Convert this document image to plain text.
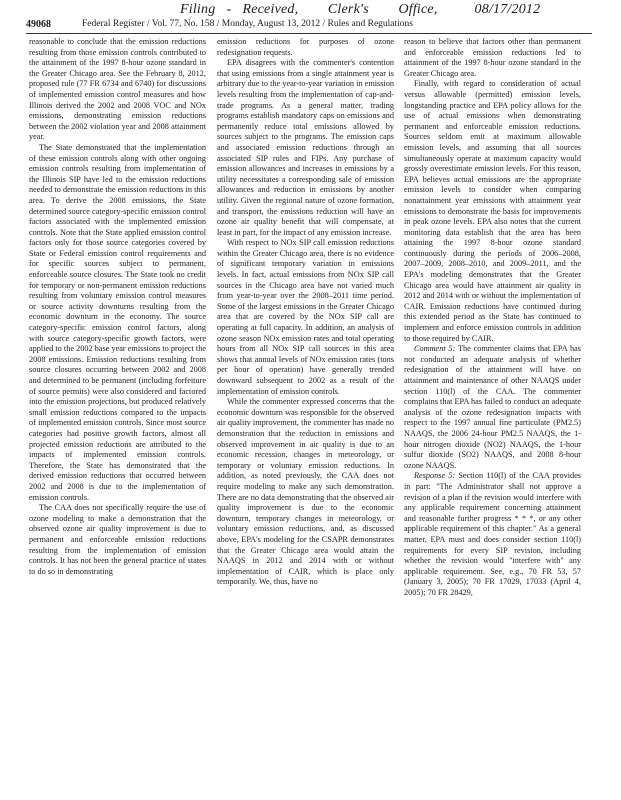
Filing   -   Received,        Clerk's        Office,          08/17/2012
49068	Federal Register / Vol. 77, No. 158 / Monday, August 13, 2012 / Rules and Regulations

reasonable to conclude that the emission reductions resulting from those emission controls contributed to the attainment of the 1997 8-hour ozone standard in the Greater Chicago area. See the February 8, 2012, proposed rule (77 FR 6734 and 6740) for discussions of implemented emission control measures and how Illinois derived the 2002 and 2008 VOC and NOx emissions, demonstrating emission reductions between the 2002 violation year and 2008 attainment year.

The State demonstrated that the implementation of these emission controls along with other ongoing emission controls resulting from implementation of the Illinois SIP have led to the emission reductions needed to demonstrate the emission reductions in this area. To derive the 2008 emissions, the State determined source category-specific emission control factors associated with the implemented emission controls. Note that the State applied emission control factors only for those source categories covered by State or Federal emission control requirements and for specific sources subject to permanent, enforceable source closures. The State took no credit for temporary or non-permanent emission reductions resulting from voluntary emission control measures or source activity downturns resulting from the economic downturn in the economy. The source category-specific emission control factors, along with source category-specific growth factors, were applied to the 2002 base year emissions to project the 2008 emissions. Emission reductions resulting from source closures occurring between 2002 and 2008 and determined to be permanent (including forfeiture of source permits) were also considered and factored into the emission projections, but produced relatively small emission reductions compared to the impacts of implemented emission controls. Since most source categories had positive growth factors, almost all projected emission reductions are attributed to the impacts of implemented emission controls. Therefore, the State has demonstrated that the derived emission reductions that occurred between 2002 and 2008 is due to the implementation of emission controls.

The CAA does not specifically require the use of ozone modeling to make a demonstration that the observed ozone air quality improvement is due to permanent and enforceable emission reductions resulting from the implementation of emission controls. It has not been the general practice of states to do so in demonstrating

emission reductions for purposes of ozone redesignation requests.

EPA disagrees with the commenter's contention that using emissions from a single attainment year is arbitrary due to the year-to-year variation in emission levels resulting from the implementation of cap-and-trade programs. As a general matter, trading programs establish mandatory caps on emissions and permanently reduce total emissions allowed by sources subject to the programs. The emission caps and associated emission reductions through an associated SIP rules and FIPs. Any purchase of emission allowances and increases in emissions by a utility necessitates a corresponding sale of emission allowances and reduction in emissions by another utility. Given the regional nature of ozone formation, and transport, the emissions reduction will have an ozone air quality benefit that will compensate, at least in part, for the impact of any emission increase.

With respect to NOx SIP call emission reductions within the Greater Chicago area, there is no evidence of significant temporary variation in emissions levels. In fact, actual emissions from NOx SIP call sources in the Chicago area have not varied much from year-to-year over the 2008–2011 time period. Some of the largest emissions in the Greater Chicago area that are covered by the NOx SIP call are operating at full capacity. In addition, an analysis of ozone season NOx emission rates and total operating hours from all NOx SIP call sources in this area shows that annual levels of NOx emission rates (tons per hour of operation) have generally trended downward subsequent to 2002 as a result of the implementation of emission controls.

While the commenter expressed concerns that the economic downturn was responsible for the observed air quality improvement, the commenter has made no demonstration that the reduction in emissions and observed improvement in air quality is due to an economic recession, changes in meteorology, or temporary or voluntary emission reductions. In addition, as noted previously, the CAA does not require modeling to make any such demonstration. There are no data demonstrating that the observed air quality improvement is due to the economic downturn, temporary changes in meteorology, or voluntary emission reductions, and, as discussed above, EPA's modeling for the CSAPR demonstrates that the Greater Chicago area would attain the NAAQS in 2012 and 2014 with or without implementation of CAIR, which is place only temporarily. We, thus, have no

reason to believe that factors other than permanent and enforceable emission reductions led to attainment of the 1997 8-hour ozone standard in the Greater Chicago area.

Finally, with regard to consideration of actual versus allowable (permitted) emission levels, longstanding practice and EPA policy allows for the use of actual emissions when demonstrating permanent and enforceable emission reductions. Sources seldom emit at maximum allowable emission levels, and assuming that all sources simultaneously operate at maximum capacity would grossly overestimate emission levels. For this reason, EPA believes actual emissions are the appropriate emission levels to consider when comparing nonattainment year emissions with attainment year emissions to demonstrate the basis for improvements in peak ozone levels. EPA also notes that the current monitoring data establish that the area has been attaining the 1997 8-hour ozone standard continuously during the periods of 2006–2008, 2007–2009, 2008–2010, and 2009–2011, and the EPA's modeling demonstrates that the Greater Chicago area would have attainment air quality in 2012 and 2014 with or without the implementation of CAIR. Emission reductions have continued during this extended period as the State has continued to implement and enforce emission controls in addition to those required by CAIR.

Comment 5: The commenter claims that EPA has not conducted an adequate analysis of whether redesignation of the attainment will have on attainment and maintenance of other NAAQS under section 110(l) of the CAA. The commenter complains that EPA has failed to conduct an adequate analysis of the ozone redesignation impacts with respect to the 1997 annual fine particulate (PM2.5) NAAQS, the 2006 24-hour PM2.5 NAAQS, the 1-hour nitrogen dioxide (NO2) NAAQS, the 1-hour sulfur dioxide (SO2) NAAQS, and 2008 8-hour ozone NAAQS.

Response 5: Section 110(l) of the CAA provides in part: "The Administrator shall not approve a revision of a plan if the revision would interfere with any applicable requirement concerning attainment and reasonable further progress * * *, or any other applicable requirement of this chapter." As a general matter, EPA must and does consider section 110(l) requirements for every SIP revision, including whether the revision would "interfere with" any applicable requirement. See, e.g., 70 FR 53, 57 (January 3, 2005); 70 FR 17029, 17033 (April 4, 2005); 70 FR 28429,
